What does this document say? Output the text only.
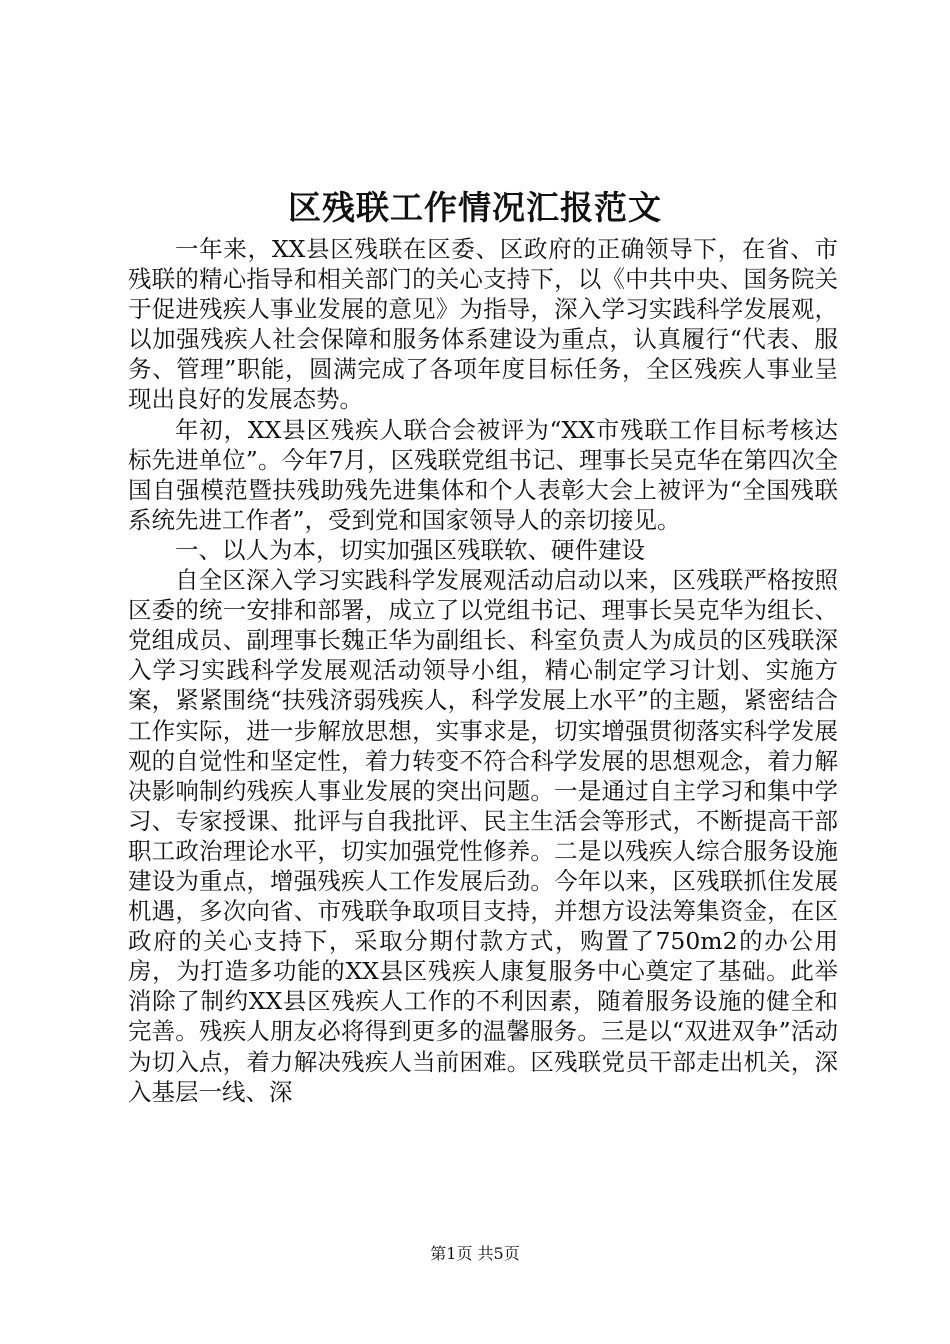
区残联工作情况汇报范文

一年来，XX县区残联在区委、区政府的正确领导下，在省、市残联的精心指导和相关部门的关心支持下，以《中共中央、国务院关于促进残疾人事业发展的意见》为指导，深入学习实践科学发展观，以加强残疾人社会保障和服务体系建设为重点，认真履行“代表、服务、管理”职能，圆满完成了各项年度目标任务，全区残疾人事业呈现出良好的发展态势。

年初，XX县区残疾人联合会被评为“XX市残联工作目标考核达标先进单位”。今年7月，区残联党组书记、理事长吴克华在第四次全国自强模范暨扶残助残先进集体和个人表彰大会上被评为“全国残联系统先进工作者”，受到党和国家领导人的亲切接见。

一、以人为本，切实加强区残联软、硬件建设

自全区深入学习实践科学发展观活动启动以来，区残联严格按照区委的统一安排和部署，成立了以党组书记、理事长吴克华为组长、党组成员、副理事长魏正华为副组长、科室负责人为成员的区残联深入学习实践科学发展观活动领导小组，精心制定学习计划、实施方案，紧紧围绕“扶残济弱残疾人，科学发展上水平”的主题，紧密结合工作实际，进一步解放思想，实事求是，切实增强贯彻落实科学发展观的自觉性和坚定性，着力转变不符合科学发展的思想观念，着力解决影响制约残疾人事业发展的突出问题。一是通过自主学习和集中学习、专家授课、批评与自我批评、民主生活会等形式，不断提高干部职工政治理论水平，切实加强党性修养。二是以残疾人综合服务设施建设为重点，增强残疾人工作发展后劲。今年以来，区残联抓住发展机遇，多次向省、市残联争取项目支持，并想方设法筹集资金，在区政府的关心支持下，采取分期付款方式，购置了750m2的办公用房，为打造多功能的XX县区残疾人康复服务中心奠定了基础。此举消除了制约XX县区残疾人工作的不利因素，随着服务设施的健全和完善。残疾人朋友必将得到更多的温馨服务。三是以“双进双争”活动为切入点，着力解决残疾人当前困难。区残联党员干部走出机关，深入基层一线、深

第1页 共5页
